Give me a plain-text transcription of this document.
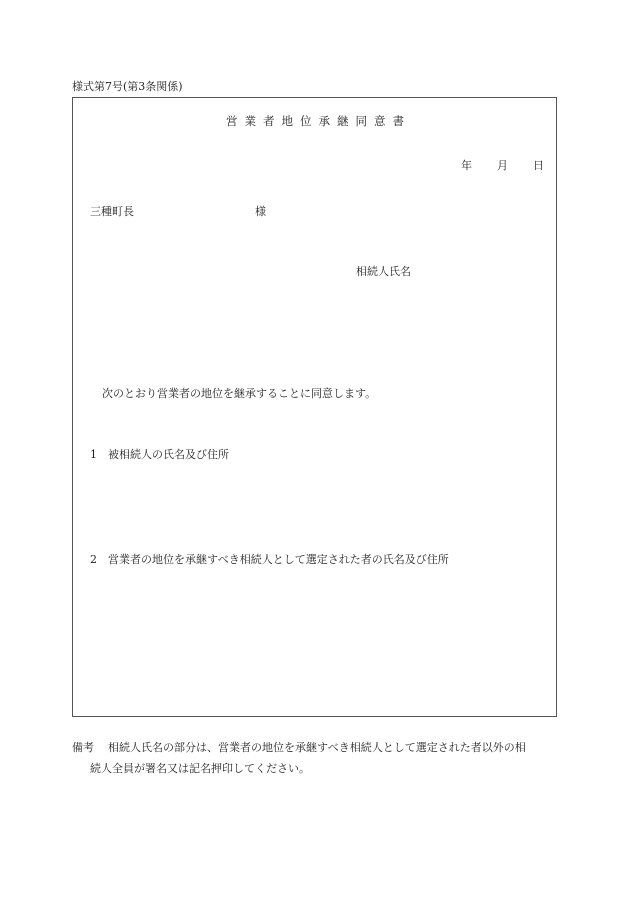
様式第7号(第3条関係)
営業者地位承継同意書
年 月 日
三種町長	様
相続人氏名
次のとおり営業者の地位を継承することに同意します。
1 被相続人の氏名及び住所
2 営業者の地位を承継すべき相続人として選定された者の氏名及び住所
備考 相続人氏名の部分は、営業者の地位を承継すべき相続人として選定された者以外の相
続人全員が署名又は記名押印してください。
